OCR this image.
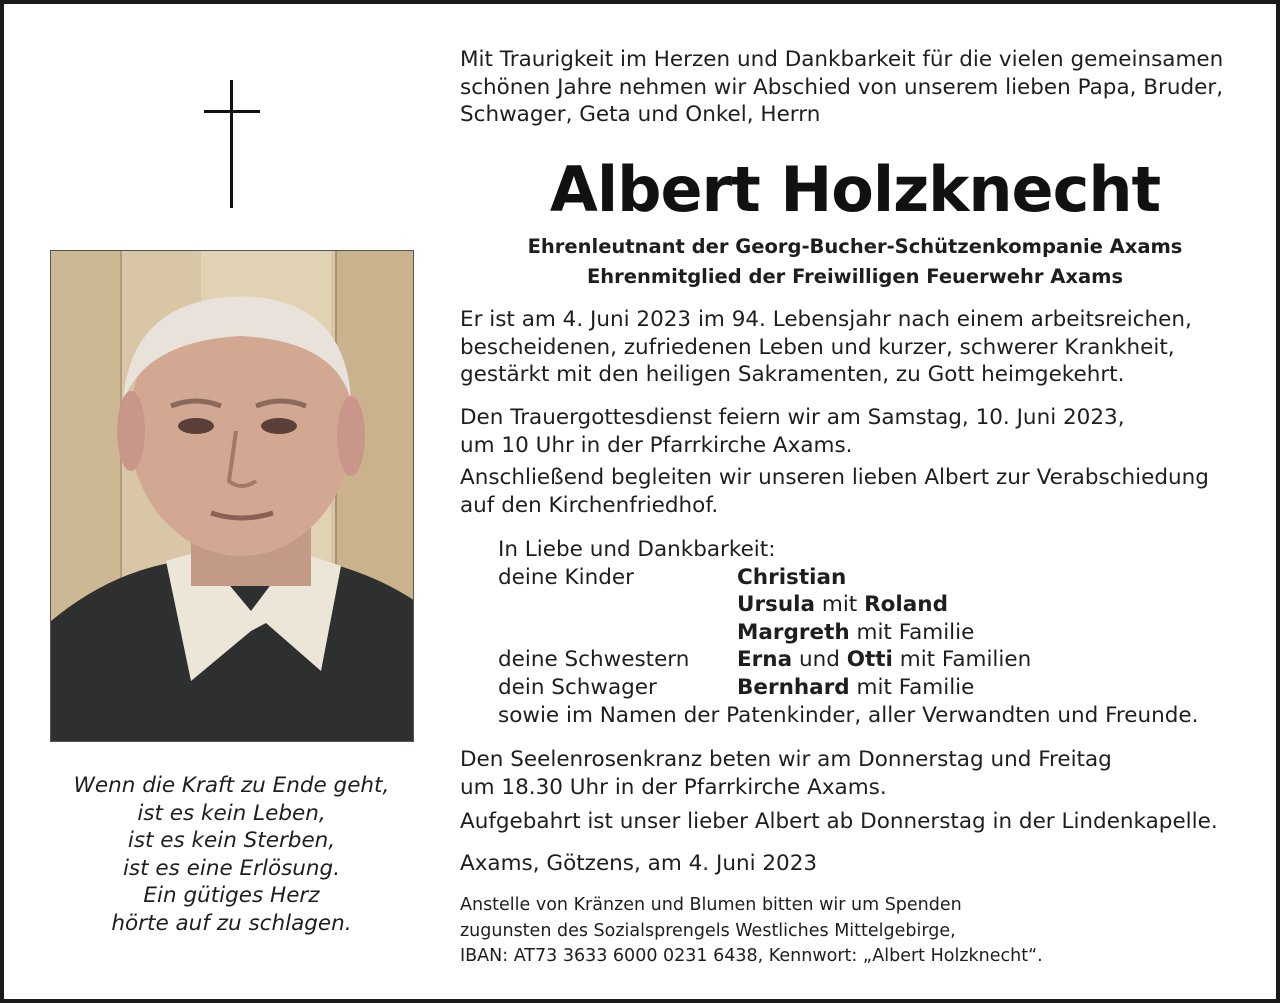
Wenn die Kraft zu Ende geht,
ist es kein Leben,
ist es kein Sterben,
ist es eine Erlösung.
Ein gütiges Herz
hörte auf zu schlagen.
Mit Traurigkeit im Herzen und Dankbarkeit für die vielen gemeinsamen
schönen Jahre nehmen wir Abschied von unserem lieben Papa, Bruder,
Schwager, Geta und Onkel, Herrn
Albert Holzknecht
Ehrenleutnant der Georg-Bucher-Schützenkompanie Axams
Ehrenmitglied der Freiwilligen Feuerwehr Axams
Er ist am 4. Juni 2023 im 94. Lebensjahr nach einem arbeitsreichen,
bescheidenen, zufriedenen Leben und kurzer, schwerer Krankheit,
gestärkt mit den heiligen Sakramenten, zu Gott heimgekehrt.
Den Trauergottesdienst feiern wir am Samstag, 10. Juni 2023,
um 10 Uhr in der Pfarrkirche Axams.
Anschließend begleiten wir unseren lieben Albert zur Verabschiedung
auf den Kirchenfriedhof.
In Liebe und Dankbarkeit:
deine Kinder	Christian
Ursula mit Roland
Margreth mit Familie
deine Schwestern Erna und Otti mit Familien
dein Schwager	Bernhard mit Familie
sowie im Namen der Patenkinder, aller Verwandten und Freunde.
Den Seelenrosenkranz beten wir am Donnerstag und Freitag
um 18.30 Uhr in der Pfarrkirche Axams.
Aufgebahrt ist unser lieber Albert ab Donnerstag in der Lindenkapelle.
Axams, Götzens, am 4. Juni 2023
Anstelle von Kränzen und Blumen bitten wir um Spenden
zugunsten des Sozialsprengels Westliches Mittelgebirge,
IBAN: AT73 3633 6000 0231 6438, Kennwort: „Albert Holzknecht“.
